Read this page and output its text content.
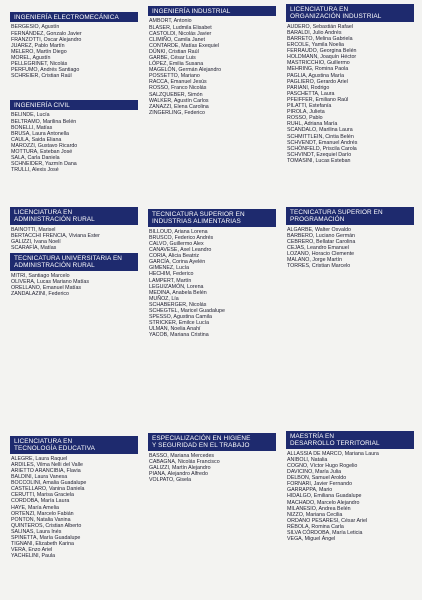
INGENIERÍA ELECTROMECÁNICA
BERGESIO, Agustín
FERNÁNDEZ, Gonzalo Javier
FRANZOTTI, Oscar Alejandro
JUAREZ, Pablo Martín
MELERO, Martín Diego
MOREL, Agustín
PELLEGRINET, Nicolás
PERFUMO, Andrés Santiago
SCHREIER, Cristian Raúl
INGENIERÍA CIVIL
BELINDE, Lucía
BELTRAMO, Marilina Belén
BONELLI, Matías
BRUSA, Laura Antonella
CAULA, Saida Eliana
MAROZZI, Gustavo Ricardo
MOTTURA, Esteban José
SALA, Carla Daniela
SCHNEIDER, Yazmín Dana
TRULLI, Alexis José
LICENCIATURA EN
ADMINISTRACIÓN RURAL
BAINOTTI, Marisel
BERTACCHI FRENCIA, Viviana Ester
GALIZZI, Ivana Noelí
SCARAFÍA, Matías
TECNICATURA UNIVERSITARIA EN
ADMINISTRACIÓN RURAL
MITRI, Santiago Marcelo
OLIVERA, Lucas Mariano Matías
ORELLANO, Emanuel Matías
ZANDALAZINI, Federico
LICENCIATURA EN
TECNOLOGÍA EDUCATIVA
ALEGRE, Laura Raquel
ARDILES, Vilma Nelli del Valle
ARIETTO ARANCIBIA, Flavia
BALDINI, Laura Vanesa
BOCCOLINI, Amalia Guadalupe
CASTELLARO, Vanina Daniela
CERUTTI, Marisa Graciela
CORDOBA, María Laura
HAYE, María Amelia
ORTENZI, Marcelo Fabián
PONTON, Natalia Vanina
QUINTEROS, Cristian Alberto
SALINAS, Laura Inés
SPINETTA, María Guadalupe
TIGNANI, Elizabeth Karina
VERA, Enzo Ariel
YACHELINI, Paula
INGENIERÍA INDUSTRIAL
AMBORT, Antonio
BLASER, Ludmila Elisabet
CASTOLDI, Nicolás Javier
CLIMIÑO, Camila Janet
CONTARDE, Matías Exequiel
DÜNKI, Cristian Raúl
GARBE, César Luis
LÓPEZ, Emilia Susana
MAGELÓN, Germán Alejandro
POSSETTO, Mariano
RACCA, Emanuel Jesús
ROSSO, Franco Nicolás
SALZQUEBER, Simón
WALKER, Agustín Carlos
ZANAZZI, Elena Carolina
ZINGERLING, Federico
TECNICATURA SUPERIOR EN
INDUSTRIAS ALIMENTARIAS
BILLOUD, Ariana Lorena
BRUSCO, Federico Andrés
CALVO, Guillermo Alex
CANAVESE, Axel Leandro
CORIA, Alicia Beatriz
GARCÍA, Corina Ayelén
GIMENEZ, Lucía
HECHIM, Federico
LAMPERT, Martín
LEGUIZAMÓN, Lorena
MEDINA, Anabela Belén
MUÑOZ, Lía
SCHABERGER, Nicolás
SCHEGTEL, Maricel Guadalupe
SPESSO, Agustina Camila
STRICKER, Emilce Lucía
ULMAN, Noelia Anahí
YACOB, Mariana Cristina
ESPECIALIZACIÓN EN HIGIENE
Y SEGURIDAD EN EL TRABAJO
BASSO, Mariana Mercedes
CABAGNA, Nicolás Francisco
GALIZZI, Martín Alejandro
PIANA, Alejandro Alfredo
VOLPATO, Gisela
LICENCIATURA EN
ORGANIZACIÓN INDUSTRIAL
AUDERO, Sebastián Rafael
BARALDI, Julio Andrés
BARRETO, Melina Gabriela
ERCOLE, Yamila Noelia
FERRAUDO, Georgina Belén
HOLDMANN, Joaquín Héctor
MASTRICCHIO, Guillermo
MEHRING, Romina Paola
PAGLIA, Agustina María
PAGLIERO, Gerardo Ariel
PARIANI, Rodrigo
PASCHETTA, Laura
PFEIFFER, Emiliano Raúl
PILATTI, Estefanía
PIROLA, Julieta
ROSSO, Pablo
RUHL, Adriana María
SCANDALO, Marilina Laura
SCHMITTLEIN, Cintia Belén
SCHVENDT, Emanuel Andrés
SCHÖNFELD, Priscila Carola
SCHVINDT, Ezequiel Darío
TOMASINI, Lucas Esteban
TECNICATURA SUPERIOR EN
PROGRAMACIÓN
ALGARBE, Walter Osvaldo
BARBERO, Luciano Germán
CEBRERO, Bellatar Carolina
CEJAS, Leandro Emanuel
LOZANO, Horacio Clemente
MALANO, Jorge Martín
TORRES, Cristian Marcelo
MAESTRÍA EN
DESARROLLO TERRITORIAL
ALLASSIA DE MARCO, Mariana Laura
ANIBOLI, Natalia
COGNO, Víctor Hugo Rogelio
DAVICINO, María Julia
DELBON, Samuel Aroldo
FORNARI, Javier Fernando
GARRAPPA, Mario
HIDALGO, Emiliana Guadalupe
MACHADO, Marcelo Alejandro
MILANESIO, Andrea Belén
NIZZO, Mariana Cecilia
ORDANO PESARESI, César Ariel
RÉBOLA, Romina Carla
SILVA CÓRDOBA, María Leticia
VEGA, Miguel Ángel
